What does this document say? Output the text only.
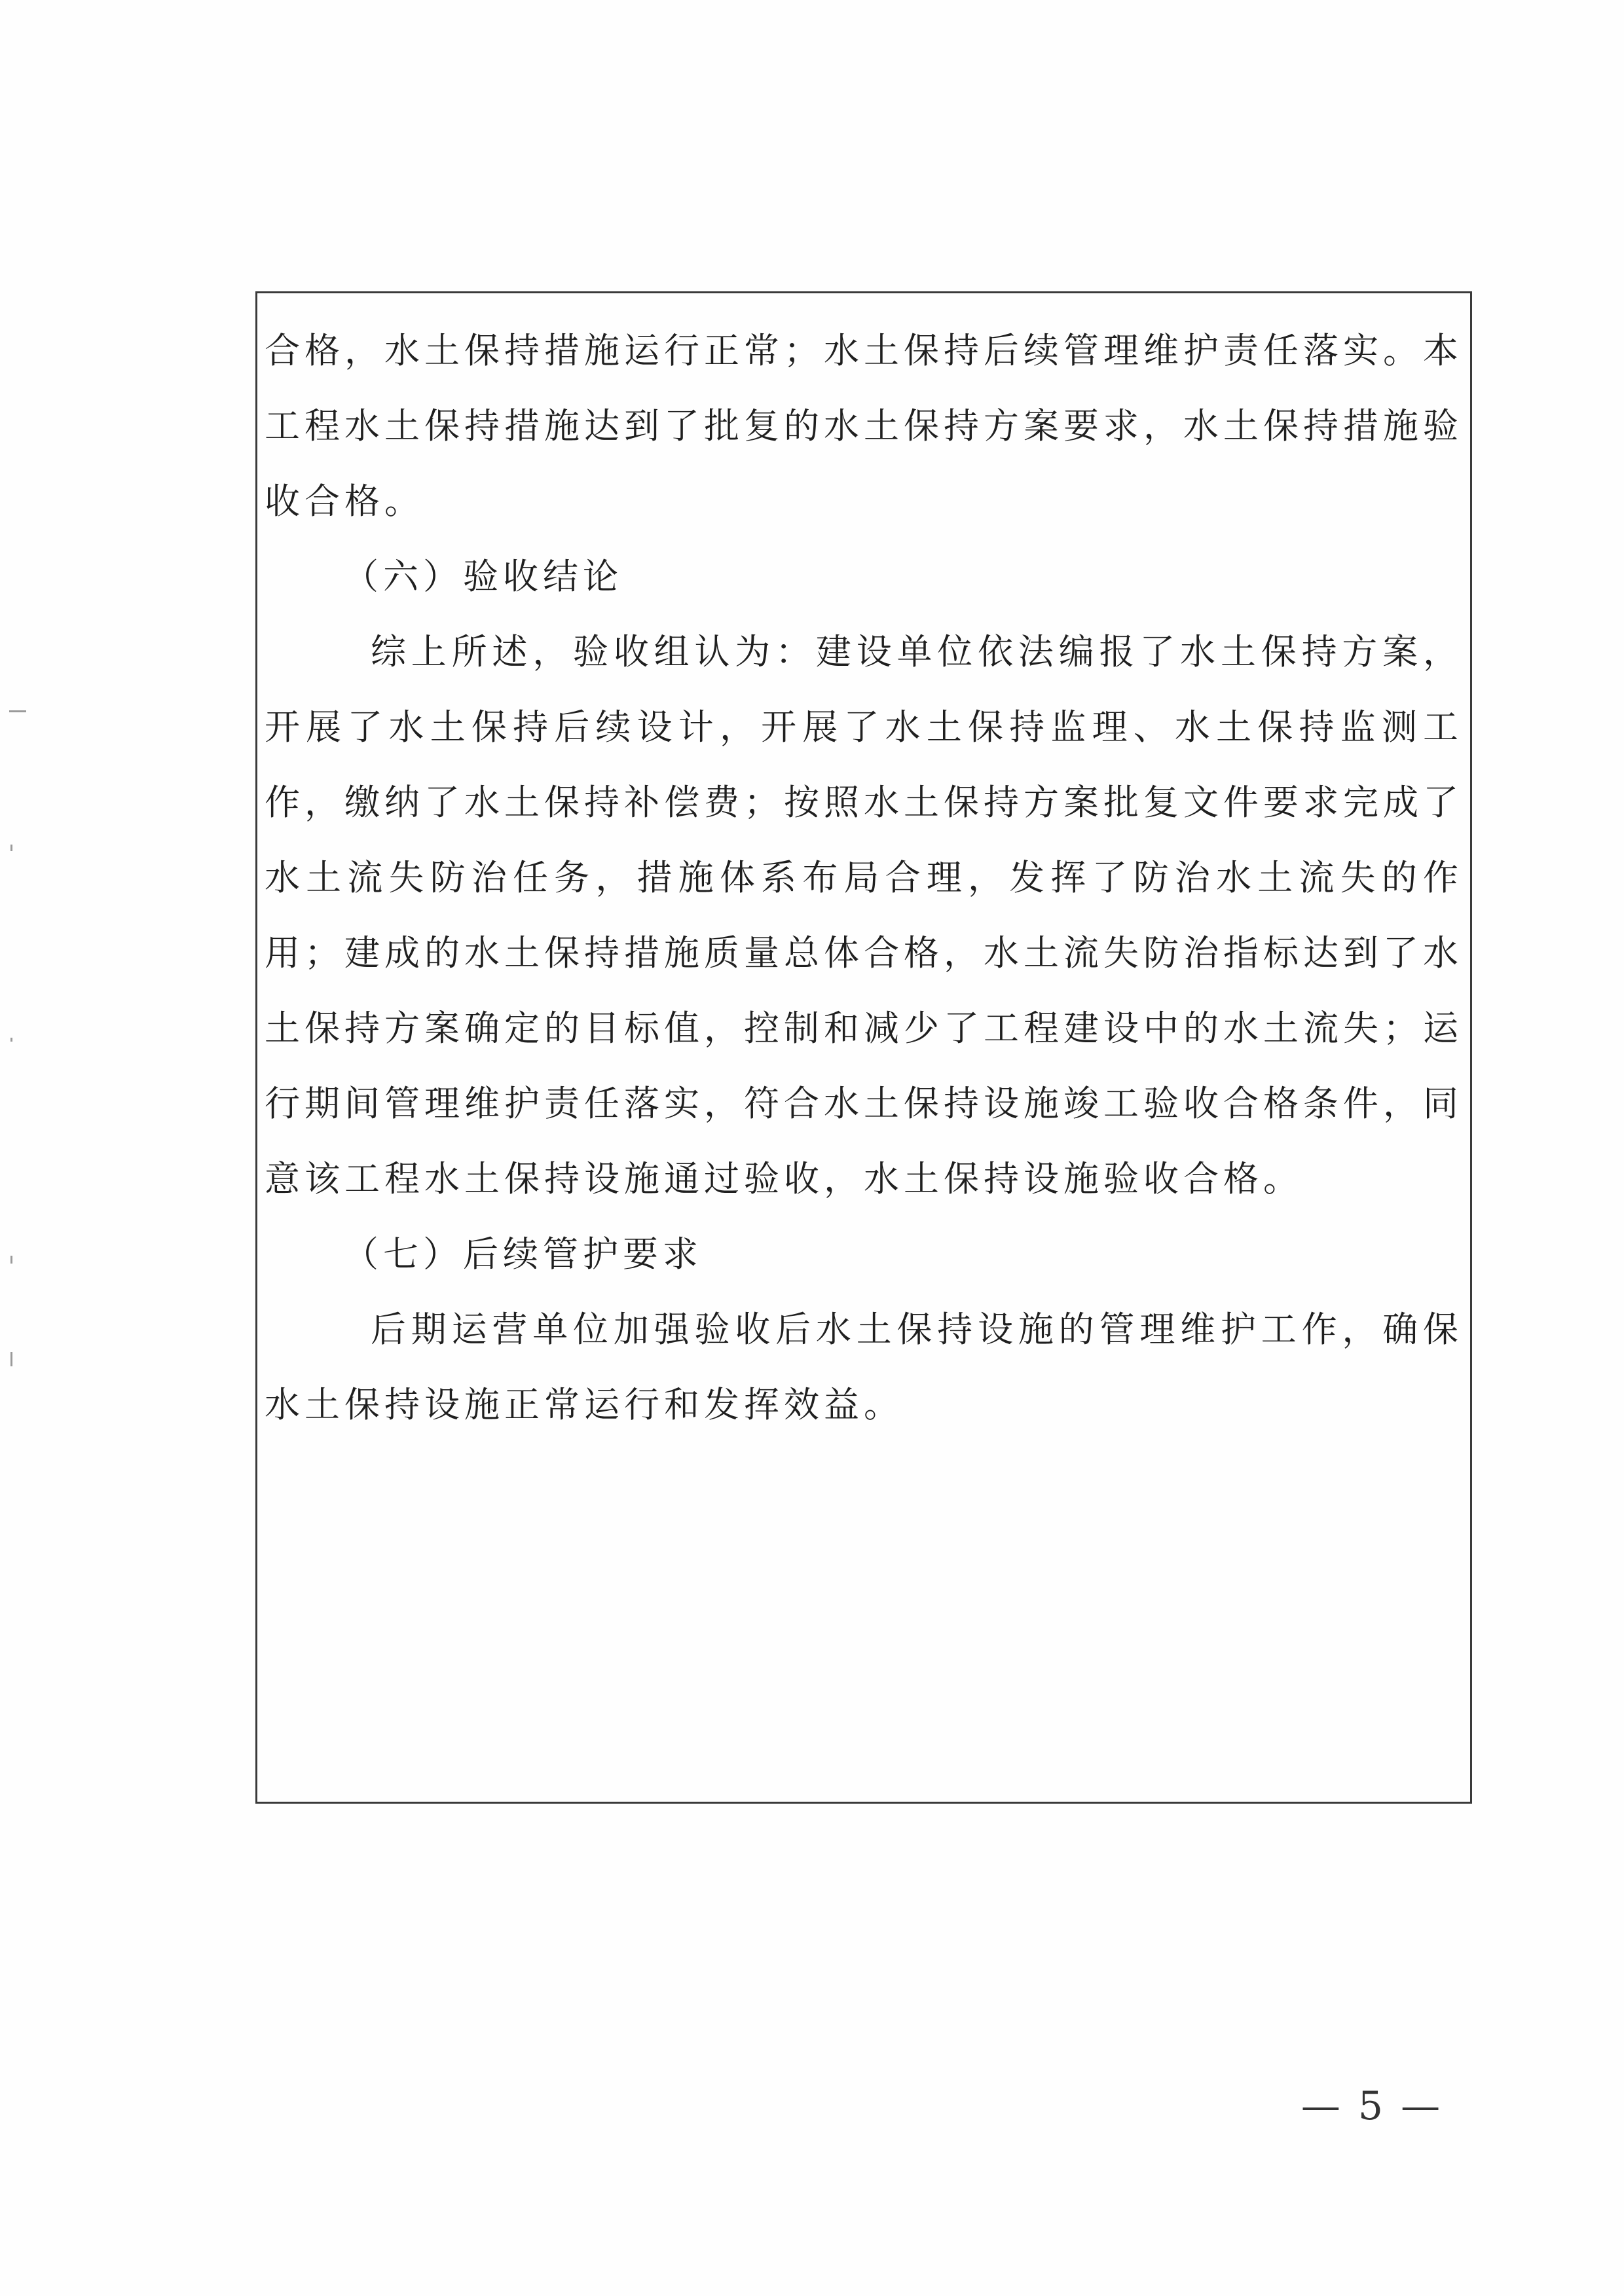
合格，水土保持措施运行正常；水土保持后续管理维护责任落实。本工程水土保持措施达到了批复的水土保持方案要求，水土保持措施验收合格。

（六）验收结论

综上所述，验收组认为：建设单位依法编报了水土保持方案，开展了水土保持后续设计，开展了水土保持监理、水土保持监测工作，缴纳了水土保持补偿费；按照水土保持方案批复文件要求完成了水土流失防治任务，措施体系布局合理，发挥了防治水土流失的作用；建成的水土保持措施质量总体合格，水土流失防治指标达到了水土保持方案确定的目标值，控制和减少了工程建设中的水土流失；运行期间管理维护责任落实，符合水土保持设施竣工验收合格条件，同意该工程水土保持设施通过验收，水土保持设施验收合格。

（七）后续管护要求

后期运营单位加强验收后水土保持设施的管理维护工作，确保水土保持设施正常运行和发挥效益。

— 5 —
